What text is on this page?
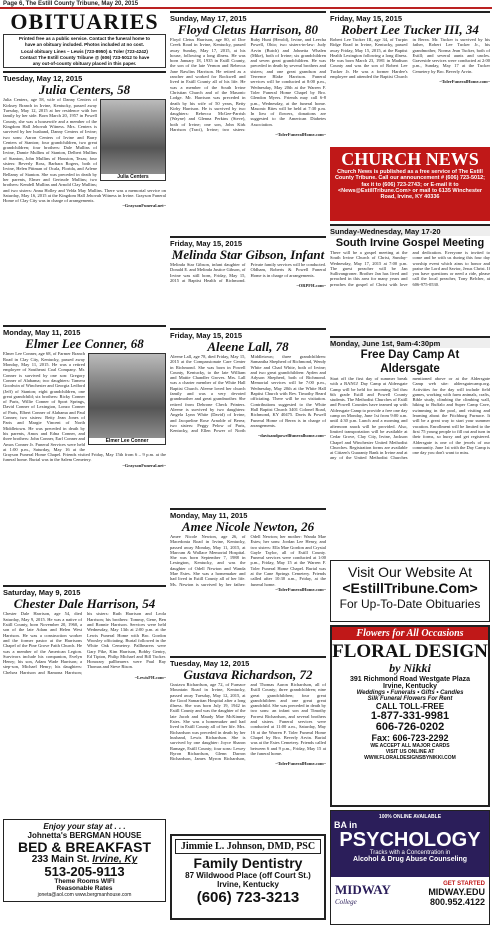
Page 6, The Estill County Tribune, May 20, 2015
OBITUARIES
Printed free as a public service. Contact the funeral home to
have an obituary included. Photos included at no cost.
Local obituary Lines – Lewis (723-8950) & Toler (723-4242)
Contact The Estill County Tribune @ (606) 723-5012 to have
any out-of-county obituary placed in this paper.
Tuesday, May 12, 2015
Julia Centers, 58
Julia Centers
Julia Centers, age 58, wife of Danny Centers of Kirksey Branch in Irvine, Kentucky, passed away Tuesday, May 12, 2015 at her residence with her family by her side. Born March 20, 1957 in Powell County, she was a housewife and a member of the Kingdom Hall Jehovah Witness. Mrs. Centers is survived by her husband, Danny Centers of Irvine; two sons: Aaron Centers of Irvine and Barry Centers of Stanton; four grandchildren, two great grandchildren; four brothers: Dale Mullins of Irvine, Damie Mullins of Stanton, Delbert Mullins of Stanton, John Mullins of Houston, Texas; four sisters: Beverly Ross, Barbara Rogers, both of Irvine, Helen Pittman of Ocala, Florida, and Arlene Bellamy of Stanton. She was preceded in death by her parents, Elmer and Gertrude Mullins; two brothers: Kendell Mullins and Arnold Clay Mullins; and two sisters: Anna Holley and Velda May Mullins. There was a memorial service on Saturday, May 16, 2015 at the Kingdom Hall Jehovah Witness in Irvine. Grayson Funeral Home of Clay City was in charge of arrangements.
~GraysonFuneral.net~
Monday, May 11, 2015
Elmer Lee Conner, 68
Elmer Lee Conner
Elmer Lee Conner, age 68, of Farmer Branch Road in Clay City, Kentucky, passed away Monday, May 11, 2015. He was a retired employee of Southeast Coal Company. Mr. Conner is survived by one son: Gregory Conner of Alabama; two daughters: Tamera Goodwin of Winchester and Georgia Ledford (Jeff) of Stanton; eight grandchildren, one great grandchild; six brothers: Ricky Conner of Paris, Willie Conner of Sport Springs, David Conner of Lexington, Lonzo Conner of Paris, Elbert Conner of Alabama and Paul Conner; two sisters: Betty Jean Jones of Paris and Margie Vincent of North Middletown. He was preceded in death by his parents, Amos and Edna Conner, and three brothers: John Conner, Earl Conner and Amos Conner Jr. Funeral Services were held at 1:00 p.m., Saturday, May 16 at the Grayson Funeral Home Chapel. Friends visited Friday, May 15th from 6 – 9 p.m. at the funeral home. Burial was in the Salem Cemetery.
~GraysonFuneral.net~
Saturday, May 9, 2015
Chester Dale Harrison, 54
Chester Dale Harrison, age 54, died Saturday, May 9, 2015. He was a native of Estill County, born November 20, 1960, a son of the late Adam and Helen West Harrison. He was a construction worker and the former pastor at the Harrisons Chapel of the Pine Grove Faith Church. He was a member of the American Legion. Survivors include his companion, Evelyn Henry; his son, Adam Wade Harrison; a step-son, Michael Henry; his daughters: Chelsea Harrison and Ramona Harrison; his sisters: Ruth Harrison and Leola Harrison; his brothers: Tommy, Gene, Ben and Ronnie Harrison. Services were held Wednesday, May 13th at 2:00 p.m. at the Lewis Funeral Home with Bro. Gordon Woosley officiating. Burial followed in the White Oak Cemetery. Pallbearers were Gary Pike, Kim Harrison, Bobby Gentry, Ed Tipton, Philip Michael and Bill Tucker. Honorary pallbearers were Paul Ray Thomas and Steve Rison.
~LewisFH.com~
Enjoy your stay at . . .
Johnetta's BERGMAN HOUSE
BED & BREAKFAST
233 Main St. Irvine, Ky
513-205-9113
Theme Rooms WIFI
Reasonable Rates
joneta@aol.com www.bergmanhouse.com
Sunday, May 17, 2015
Floyd Cletus Harrison, 80
Floyd Cletus Harrison, age 80, of Doe Creek Road in Irvine, Kentucky, passed away Sunday, May 17, 2015, at his house, following a long illness. He was born January 18, 1935 in Estill County, the son of the late Vernon and Rebecca Jane Rawlins Harrison. He retired as a rancher and worked for Rockwell and lived in Estill County all of his life. He was a member of the South Irvine Christian Church and of the Masonic Lodge. Mr. Harrison was preceded in death by his wife of 50 years, Betty Kirby Harrison. He is survived by two daughters: Rebecca McGee-Parrish (Wayne) and Glenna Perkins (Steve), both of Irvine; one son, John Kirk Harrison (Traci), Irvine; two sisters: Ruby Hunt (Herold), Irvine, and Leecha Powell, Ohio; two sisters-in-law: Judy Arvin (Butch) and Johnetta Whalen (Mike), both of Irvine; six grandchildren and seven great grandchildren. He was preceded in death by several brothers and sisters; and one great grandson and Terrence Blake Harrison. Funeral services will be conducted at 8:00 p.m., Wednesday, May 20th at the Warren F. Toler Funeral Home Chapel by Bro. Glendon Myers. Friends may call 6-8 p.m., Wednesday, at the funeral home. Masonic Rites will be held at 7:30 p.m. In lieu of flowers, donations are suggested to the American Diabetes Association.
~TolerFuneralHome.com~
Friday, May 15, 2015
Melinda Star Gibson, Infant
Melinda Star Gibson, infant daughter of Donald E. and Melinda Justice Gibson, of Irvine was still born, Friday, May 15, 2015 at Baptist Health of Richmond. Private family services will be conducted. Oldham, Roberts & Powell Funeral Home is in charge of arrangements.
~ORPFH.com~
Friday, May 15, 2015
Aleene Lall, 78
Aleene Lall, age 78, died Friday, May 15, 2015 at the Compassionate Care Center in Richmond. She was born in Powell County, Kentucky, to the late William and Mattie Chandler Groves. Mrs. Lall was a charter member of the White Hall Baptist Church. Aleene loved her church family and was a very devoted grandmother and great grandmother. She retired from Dehrone Check Printers. Aleene is survived by two daughters: Angela Lynn White (David) of Irvine, and Jacqueline Rose Arnolde of Berea; two sisters: Peggy Pelow of Paris, Kentucky, and Ellen Power of North Middletown; three grandchildren: Samantha Shepherd of Richmond, Wendy White and Chad White, both of Irvine; and two great grandchildren: Ayden and Adyson Shepherd, both of Richmond. Memorial services will be 7:00 p.m., Wednesday, May 20th at the White Hall Baptist Church with Rev. Timothy Beard officiating. There will be no visitation. Contributions suggested to the White Hall Baptist Church 3401 Colonel Road, Richmond, KY 40475. Davis & Powell Funeral Home of Berea is in charge of arrangements.
~davisandpowellfuneralhome.com~
Monday, May 11, 2015
Amee Nicole Newton, 26
Amee Nicole Newton, age 26, of Macedonia Road in Irvine, Kentucky, passed away Monday, May 11, 2015, at Marcum & Wallace Memorial Hospital. She was born September 7, 1988 in Lexington, Kentucky, and was the daughter of Odell Newton and Wanda Mae Estes. She was a homemaker and had lived in Estill County all of her life. Ms. Newton is survived by her father: Odell Newton; her mother: Wanda Mae Estes; her sons: Jordan Lee Henry, and two sisters: Ella Mae Gordon and Crystal Gayle Taylor, all of Estill County. Funeral services were conducted at 1:00 p.m., Friday, May 15 at the Warren F. Toler Funeral Home Chapel. Burial was at the Cane Springs Cemetery. Friends called after 10:30 a.m., Friday, at the funeral home.
~TolerFuneralHome.com~
Tuesday, May 12, 2015
Gustava Richardson, 72
Gustava Richardson, age 72, of Furnace Mountain Road in Irvine, Kentucky, passed away Tuesday, May 12, 2015, at the Good Samaritan Hospital after a long illness. She was born July 19, 1942 in Estill County and was the daughter of the late Jacob and Maudy Mae McKinney Estes. She was a homemaker and had lived in Estill County all of her life. Mrs. Richardson was preceded in death by her husband, Lewis Richardson. She is survived by one daughter: Joyce Sharon Ramage, Estill County; four sons: Lewey Byron Richardson, Glenn Darron Richardson, James Myron Richardson, and Thomas Aaron Richardson, all of Estill County; three grandchildren; nine great grandchildren; four great grandchildren and one great great grandchild. She was preceded in death by two sons: an infant son and Timothy Forrest Richardson, and several brothers and sisters. Funeral services were conducted at 11:00 a.m., Saturday, May 16 at the Warren F. Toler Funeral Home Chapel by Bro. Beverly Arvin. Burial was at the Estes Cemetery. Friends called between 6 and 9 p.m., Friday, May 15 at the funeral home.
~TolerFuneralHome.com~
Jimmie L. Johnson, DMD, PSC
Family Dentistry
87 Wildwood Place (off Court St.)
Irvine, Kentucky
(606) 723-3213
Friday, May 15, 2015
Robert Lee Tucker III, 34
Robert Lee Tucker III, age 34, of Turpin Ridge Road in Irvine, Kentucky, passed away Friday, May 15, 2015, at the Baptist Health Lexington following a long illness. He was born March 23, 1981 in Madison County and was the son of Robert Lee Tucker Jr. He was a former Hardee's employee and attended the Baptist Church in Berea. Mr. Tucker is survived by his father, Robert Lee Tucker Jr., his grandmother, Norma Jean Tucker, both of Estill; and several aunts and uncles. Graveside services were conducted at 2:00 p.m., Sunday, May 17 at the Tucker Cemetery by Bro. Beverly Arvin.
~TolerFuneralHome.com~
CHURCH NEWS
Church News is published as a free service of The Estill County Tribune. Call our announcement # (606) 723-5012; fax it to (606) 723-2743; or E-mail it to <News@EstillTribune.Com> or mail to 6135 Winchester Road, Irvine, KY 40336
Sunday-Wednesday, May 17-20
South Irvine Gospel Meeting
There will be a gospel meeting at the South Irvine Church of Christ, Sunday-Wednesday, May 17, 2015 at 7:00 p.m. The guest preacher will be Jan Sullivangroner. Brother Jan has lived and preached in this area for many years and preaches the gospel of Christ with love and dedication. Everyone is invited to come and be with us during this four day worship event which aims to honor and praise the Lord and Savior, Jesus Christ. If you have questions or need a ride, please call the local preacher, Tony Belcher, at 606-975-0530.
Monday, June 1st, 9am-4:30pm
Free Day Camp At Aldersgate
Start off the first day of summer break with a BANG! Day Camp at Aldersgate Camp will be held for incoming 3rd thru 6th grade Estill and Powell County students. The Methodist Churches of Estill and Powell Counties have teamed up with Aldersgate Camp to provide a free one day camp on Monday, June 1st from 9:00 a.m. until 4:30 p.m. Lunch and a morning and afternoon snack will be provided. Also, limited transportation will be available at Cedar Grove, Clay City, Irvine, Jackson Chapel and Winchester United Methodist Churches. Registration forms are available at Citizen's Guaranty Bank in Irvine and at any of the United Methodist Churches mentioned above or at the Aldersgate Camp web site: aldersgatecamp.org. Activities for the day will include field games, working with farm animals, crafts, Bible study, climbing the climbing wall, hiking to Buffalo and Super Camp Cave, swimming in the pool, and visiting and learning about the Fitchburg Furnace. It will be a great way to start your summer vacation. Enrollment will be limited to the first 75 young people to fill out and turn in their forms, so hurry and get registered. Aldersgate is one of the jewels of our community. June 1st with the Day Camp is one day you don't want to miss.
Visit Our Website At
<EstillTribune.Com>
For Up-To-Date Obituaries
Flowers for All Occasions
FLORAL DESIGN
by Nikki
391 Richmond Road Westgate Plaza
Irvine, Kentucky
Weddings • Funerals • Gifts • Candles
Silk Funeral Flowers For Rent
CALL TOLL-FREE
1-877-331-9981
606-726-0202
Fax: 606-723-2292
WE ACCEPT ALL MAJOR CARDS
VISIT US ONLINE AT
WWW.FLORALDESIGNSBYNIKKI.COM
100% ONLINE AVAILABLE
BA in
PSYCHOLOGY
Tracks with a Concentration in
Alcohol & Drug Abuse Counseling
MIDWAY
College
GET STARTED
MIDWAY.EDU
800.952.4122
